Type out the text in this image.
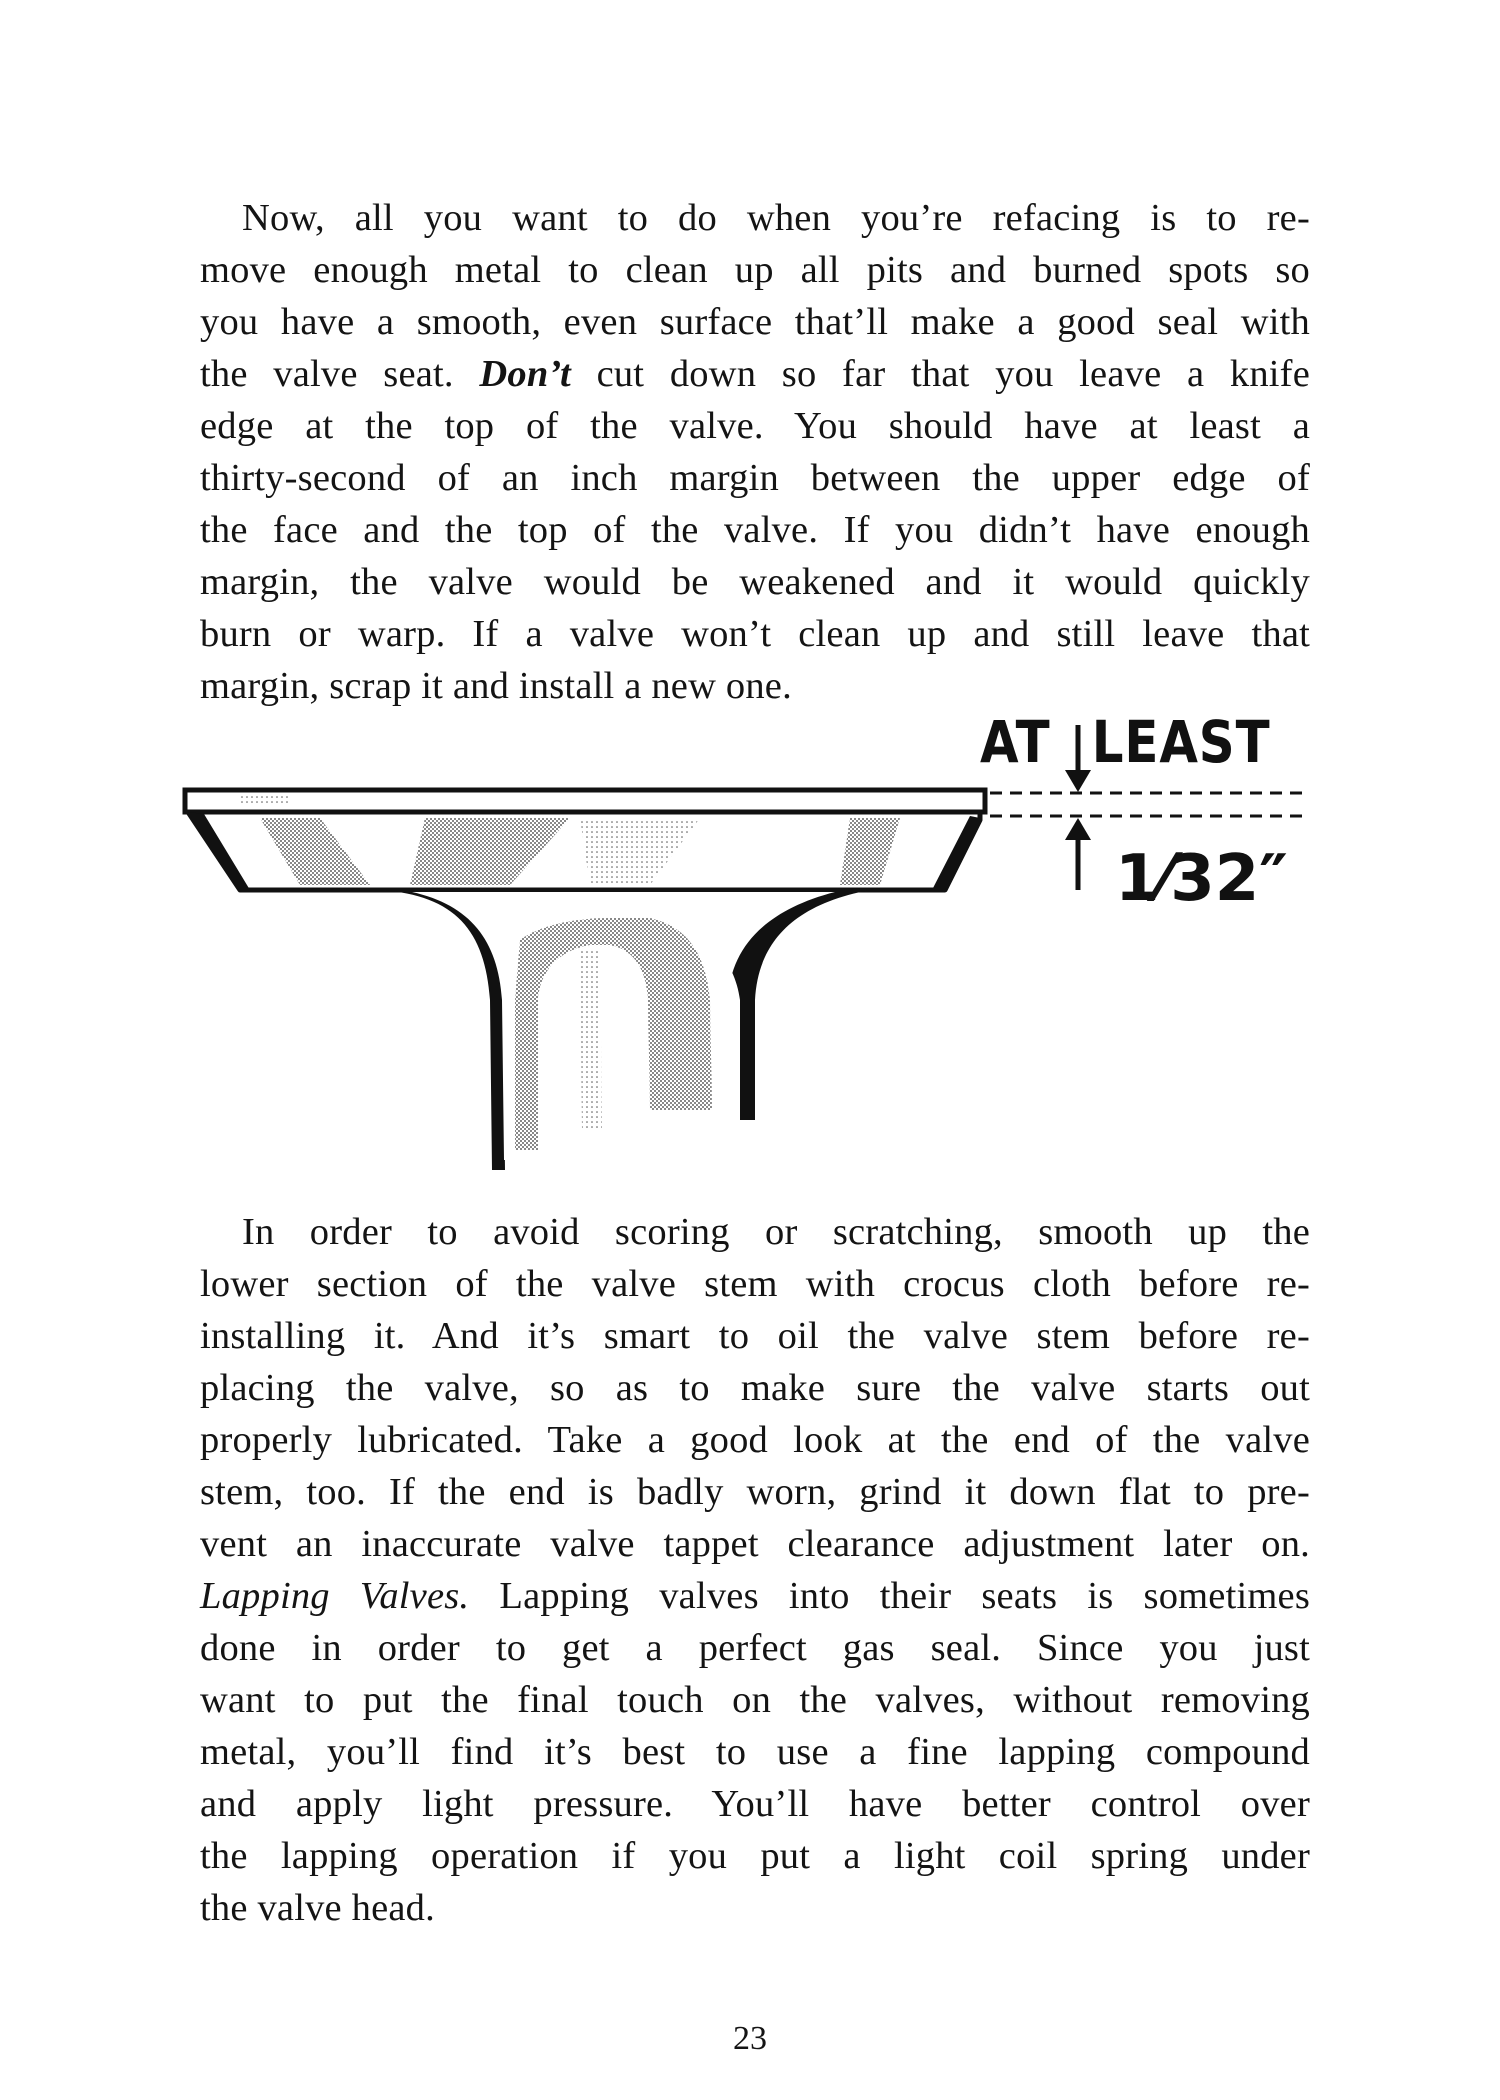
Now, all you want to do when you’re refacing is to re-
move enough metal to clean up all pits and burned spots so
you have a smooth, even surface that’ll make a good seal with
the valve seat. Don’t cut down so far that you leave a knife
edge at the top of the valve. You should have at least a
thirty-second of an inch margin between the upper edge of
the face and the top of the valve. If you didn’t have enough
margin, the valve would be weakened and it would quickly
burn or warp. If a valve won’t clean up and still leave that
margin, scrap it and install a new one.

AT LEAST
1⁄32″

In order to avoid scoring or scratching, smooth up the
lower section of the valve stem with crocus cloth before re-
installing it. And it’s smart to oil the valve stem before re-
placing the valve, so as to make sure the valve starts out
properly lubricated. Take a good look at the end of the valve
stem, too. If the end is badly worn, grind it down flat to pre-
vent an inaccurate valve tappet clearance adjustment later on.
Lapping Valves. Lapping valves into their seats is sometimes
done in order to get a perfect gas seal. Since you just
want to put the final touch on the valves, without removing
metal, you’ll find it’s best to use a fine lapping compound
and apply light pressure. You’ll have better control over
the lapping operation if you put a light coil spring under
the valve head.

23
